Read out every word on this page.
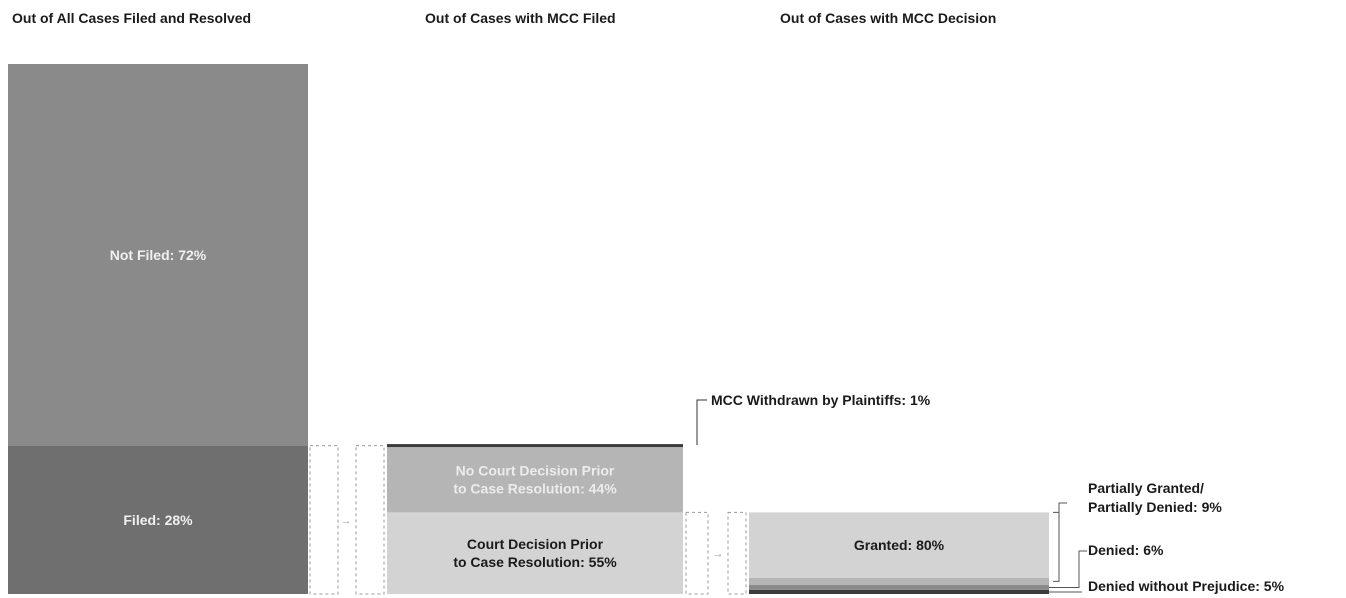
Out of All Cases Filed and Resolved	Out of Cases with MCC Filed	Out of Cases with MCC Decision
Filed: 28%
Not Filed: 72%
→
Court Decision Prior to Case Resolution: 55%
No Court Decision Prior to Case Resolution: 44%
MCC Withdrawn by Plaintiffs: 1%
→
Granted: 80%
Partially Granted/ Partially Denied: 9%
Denied: 6%
Denied without Prejudice: 5%
